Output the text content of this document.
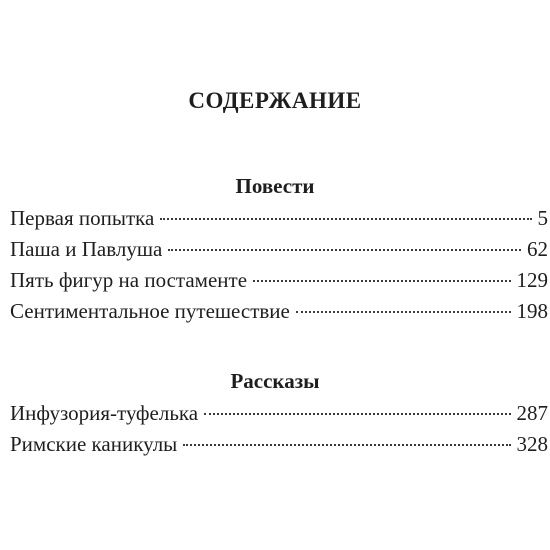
СОДЕРЖАНИЕ
Повести
Первая попытка	5
Паша и Павлуша	62
Пять фигур на постаменте	129
Сентиментальное путешествие	198
Рассказы
Инфузория-туфелька	287
Римские каникулы	328
